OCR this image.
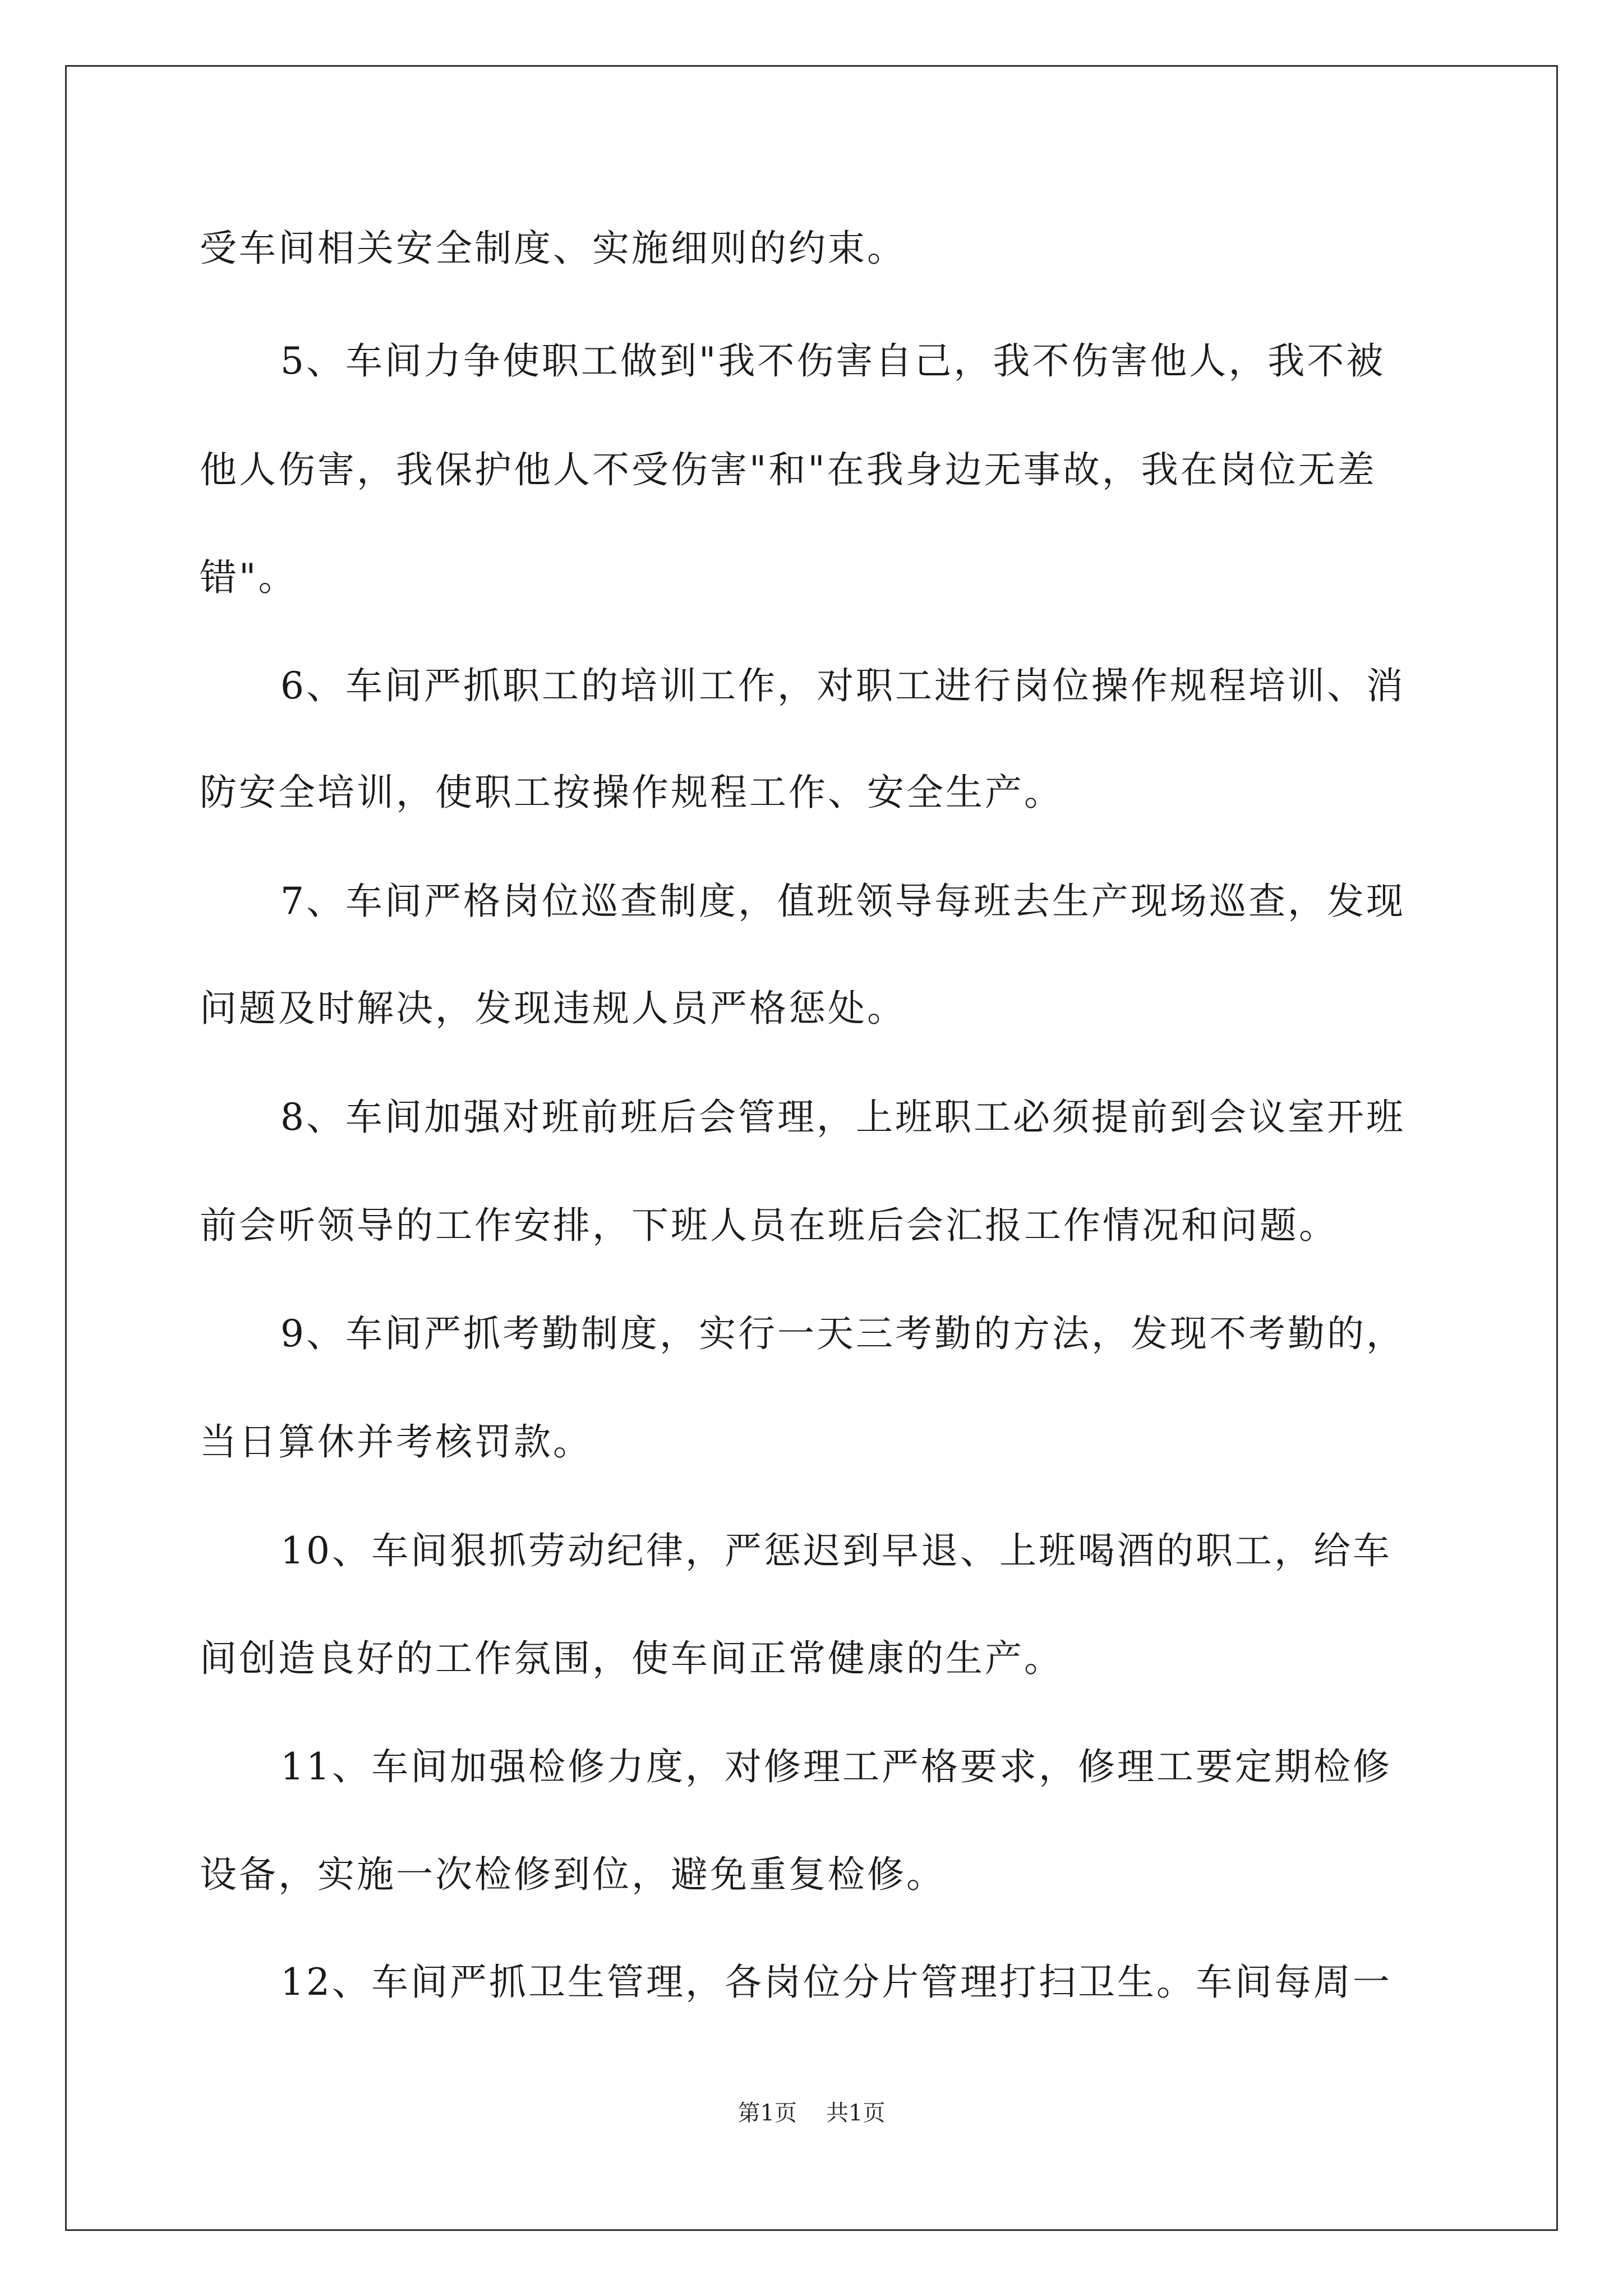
受车间相关安全制度、实施细则的约束。
5、车间力争使职工做到"我不伤害自己，我不伤害他人，我不被
他人伤害，我保护他人不受伤害"和"在我身边无事故，我在岗位无差
错"。
6、车间严抓职工的培训工作，对职工进行岗位操作规程培训、消
防安全培训，使职工按操作规程工作、安全生产。
7、车间严格岗位巡查制度，值班领导每班去生产现场巡查，发现
问题及时解决，发现违规人员严格惩处。
8、车间加强对班前班后会管理，上班职工必须提前到会议室开班
前会听领导的工作安排，下班人员在班后会汇报工作情况和问题。
9、车间严抓考勤制度，实行一天三考勤的方法，发现不考勤的，
当日算休并考核罚款。
10、车间狠抓劳动纪律，严惩迟到早退、上班喝酒的职工，给车
间创造良好的工作氛围，使车间正常健康的生产。
11、车间加强检修力度，对修理工严格要求，修理工要定期检修
设备，实施一次检修到位，避免重复检修。
12、车间严抓卫生管理，各岗位分片管理打扫卫生。车间每周一
第1页 共1页
